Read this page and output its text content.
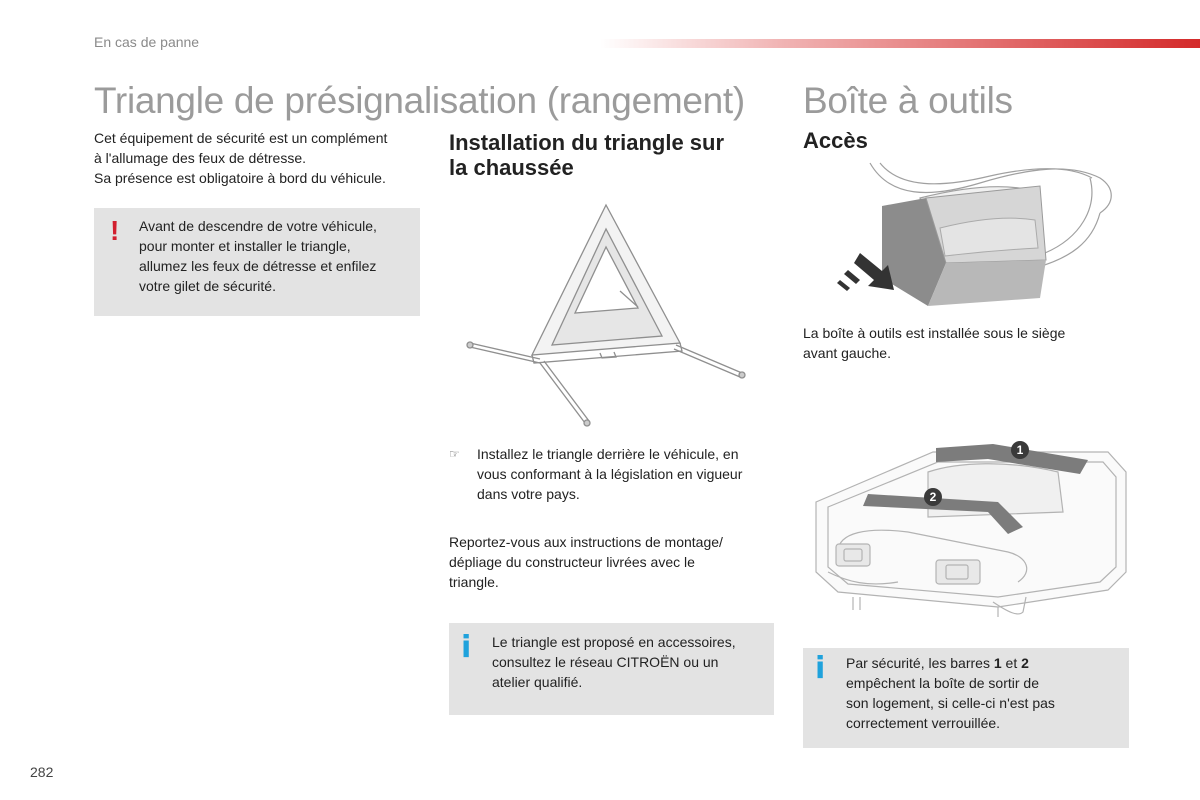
En cas de panne
Triangle de présignalisation (rangement)
Cet équipement de sécurité est un complément
à l'allumage des feux de détresse.
Sa présence est obligatoire à bord du véhicule.
! Avant de descendre de votre véhicule,
pour monter et installer le triangle,
allumez les feux de détresse et enfilez
votre gilet de sécurité.
Installation du triangle sur
la chaussée
☞ Installez le triangle derrière le véhicule, en
vous conformant à la législation en vigueur
dans votre pays.
Reportez-vous aux instructions de montage/
dépliage du constructeur livrées avec le
triangle.
i Le triangle est proposé en accessoires,
consultez le réseau CITROËN ou un
atelier qualifié.
Boîte à outils
Accès
La boîte à outils est installée sous le siège
avant gauche.
1
2
i Par sécurité, les barres 1 et 2
empêchent la boîte de sortir de
son logement, si celle-ci n'est pas
correctement verrouillée.
282
